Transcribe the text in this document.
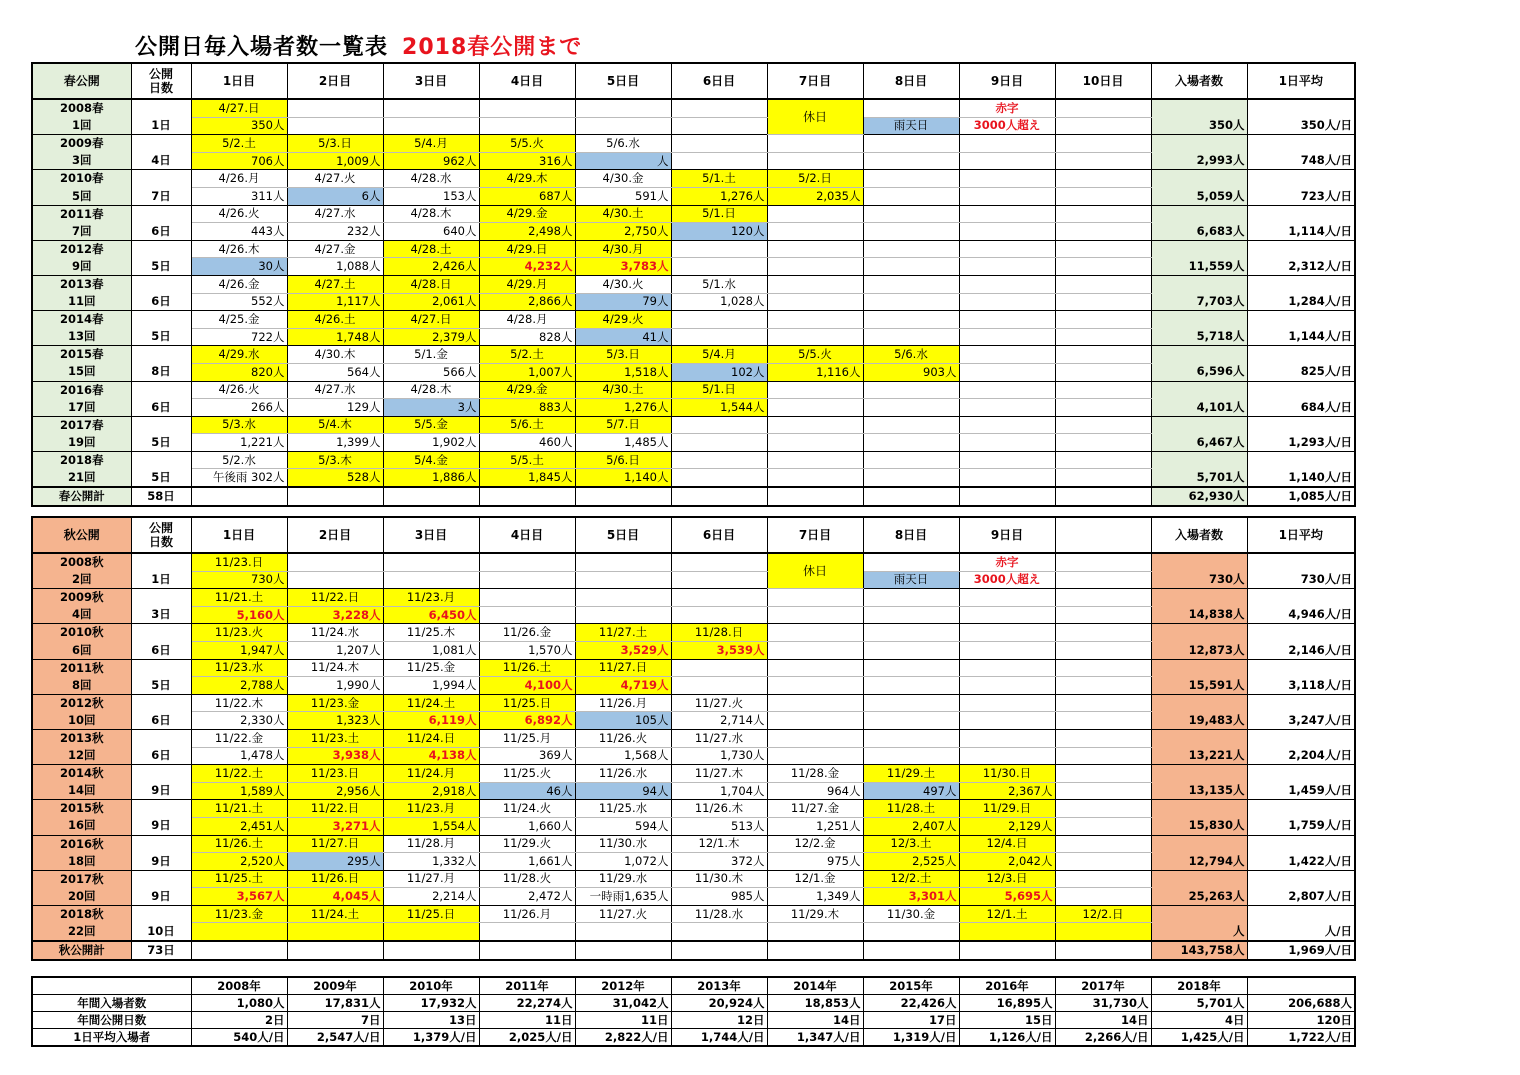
公開日毎入場者数一覧表 2018春公開まで
春公開	公開
日数	1日目	2日目	3日目	4日目	5日目	6日目	7日目	8日目	9日目	10日目	入場者数	1日平均
2008春		4/27.日						休日		赤字			
1回	1日	350人							雨天日	3000人超え		350人	350人/日
2009春		5/2.土	5/3.日	5/4.月	5/5.火	5/6.水							
3回	4日	706人	1,009人	962人	316人	人						2,993人	748人/日
2010春		4/26.月	4/27.火	4/28.水	4/29.木	4/30.金	5/1.土	5/2.日					
5回	7日	311人	6人	153人	687人	591人	1,276人	2,035人				5,059人	723人/日
2011春		4/26.火	4/27.水	4/28.木	4/29.金	4/30.土	5/1.日						
7回	6日	443人	232人	640人	2,498人	2,750人	120人					6,683人	1,114人/日
2012春		4/26.木	4/27.金	4/28.土	4/29.日	4/30.月							
9回	5日	30人	1,088人	2,426人	4,232人	3,783人						11,559人	2,312人/日
2013春		4/26.金	4/27.土	4/28.日	4/29.月	4/30.火	5/1.水						
11回	6日	552人	1,117人	2,061人	2,866人	79人	1,028人					7,703人	1,284人/日
2014春		4/25.金	4/26.土	4/27.日	4/28.月	4/29.火							
13回	5日	722人	1,748人	2,379人	828人	41人						5,718人	1,144人/日
2015春		4/29.水	4/30.木	5/1.金	5/2.土	5/3.日	5/4.月	5/5.火	5/6.水				
15回	8日	820人	564人	566人	1,007人	1,518人	102人	1,116人	903人			6,596人	825人/日
2016春		4/26.火	4/27.水	4/28.木	4/29.金	4/30.土	5/1.日						
17回	6日	266人	129人	3人	883人	1,276人	1,544人					4,101人	684人/日
2017春		5/3.水	5/4.木	5/5.金	5/6.土	5/7.日							
19回	5日	1,221人	1,399人	1,902人	460人	1,485人						6,467人	1,293人/日
2018春		5/2.水	5/3.木	5/4.金	5/5.土	5/6.日							
21回	5日	午後雨 302人	528人	1,886人	1,845人	1,140人						5,701人	1,140人/日
春公開計	58日											62,930人	1,085人/日
秋公開	公開
日数	1日目	2日目	3日目	4日目	5日目	6日目	7日目	8日目	9日目		入場者数	1日平均
2008秋		11/23.日						休日		赤字			
2回	1日	730人							雨天日	3000人超え		730人	730人/日
2009秋		11/21.土	11/22.日	11/23.月									
4回	3日	5,160人	3,228人	6,450人								14,838人	4,946人/日
2010秋		11/23.火	11/24.水	11/25.木	11/26.金	11/27.土	11/28.日						
6回	6日	1,947人	1,207人	1,081人	1,570人	3,529人	3,539人					12,873人	2,146人/日
2011秋		11/23.水	11/24.木	11/25.金	11/26.土	11/27.日							
8回	5日	2,788人	1,990人	1,994人	4,100人	4,719人						15,591人	3,118人/日
2012秋		11/22.木	11/23.金	11/24.土	11/25.日	11/26.月	11/27.火						
10回	6日	2,330人	1,323人	6,119人	6,892人	105人	2,714人					19,483人	3,247人/日
2013秋		11/22.金	11/23.土	11/24.日	11/25.月	11/26.火	11/27.水						
12回	6日	1,478人	3,938人	4,138人	369人	1,568人	1,730人					13,221人	2,204人/日
2014秋		11/22.土	11/23.日	11/24.月	11/25.火	11/26.水	11/27.木	11/28.金	11/29.土	11/30.日			
14回	9日	1,589人	2,956人	2,918人	46人	94人	1,704人	964人	497人	2,367人		13,135人	1,459人/日
2015秋		11/21.土	11/22.日	11/23.月	11/24.火	11/25.水	11/26.木	11/27.金	11/28.土	11/29.日			
16回	9日	2,451人	3,271人	1,554人	1,660人	594人	513人	1,251人	2,407人	2,129人		15,830人	1,759人/日
2016秋		11/26.土	11/27.日	11/28.月	11/29.火	11/30.水	12/1.木	12/2.金	12/3.土	12/4.日			
18回	9日	2,520人	295人	1,332人	1,661人	1,072人	372人	975人	2,525人	2,042人		12,794人	1,422人/日
2017秋		11/25.土	11/26.日	11/27.月	11/28.火	11/29.水	11/30.木	12/1.金	12/2.土	12/3.日			
20回	9日	3,567人	4,045人	2,214人	2,472人	一時雨1,635人	985人	1,349人	3,301人	5,695人		25,263人	2,807人/日
2018秋		11/23.金	11/24.土	11/25.日	11/26.月	11/27.火	11/28.水	11/29.木	11/30.金	12/1.土	12/2.日		
22回	10日											人	人/日
秋公開計	73日											143,758人	1,969人/日
	2008年	2009年	2010年	2011年	2012年	2013年	2014年	2015年	2016年	2017年	2018年	
年間入場者数	1,080人	17,831人	17,932人	22,274人	31,042人	20,924人	18,853人	22,426人	16,895人	31,730人	5,701人	206,688人
年間公開日数	2日	7日	13日	11日	11日	12日	14日	17日	15日	14日	4日	120日
1日平均入場者	540人/日	2,547人/日	1,379人/日	2,025人/日	2,822人/日	1,744人/日	1,347人/日	1,319人/日	1,126人/日	2,266人/日	1,425人/日	1,722人/日
